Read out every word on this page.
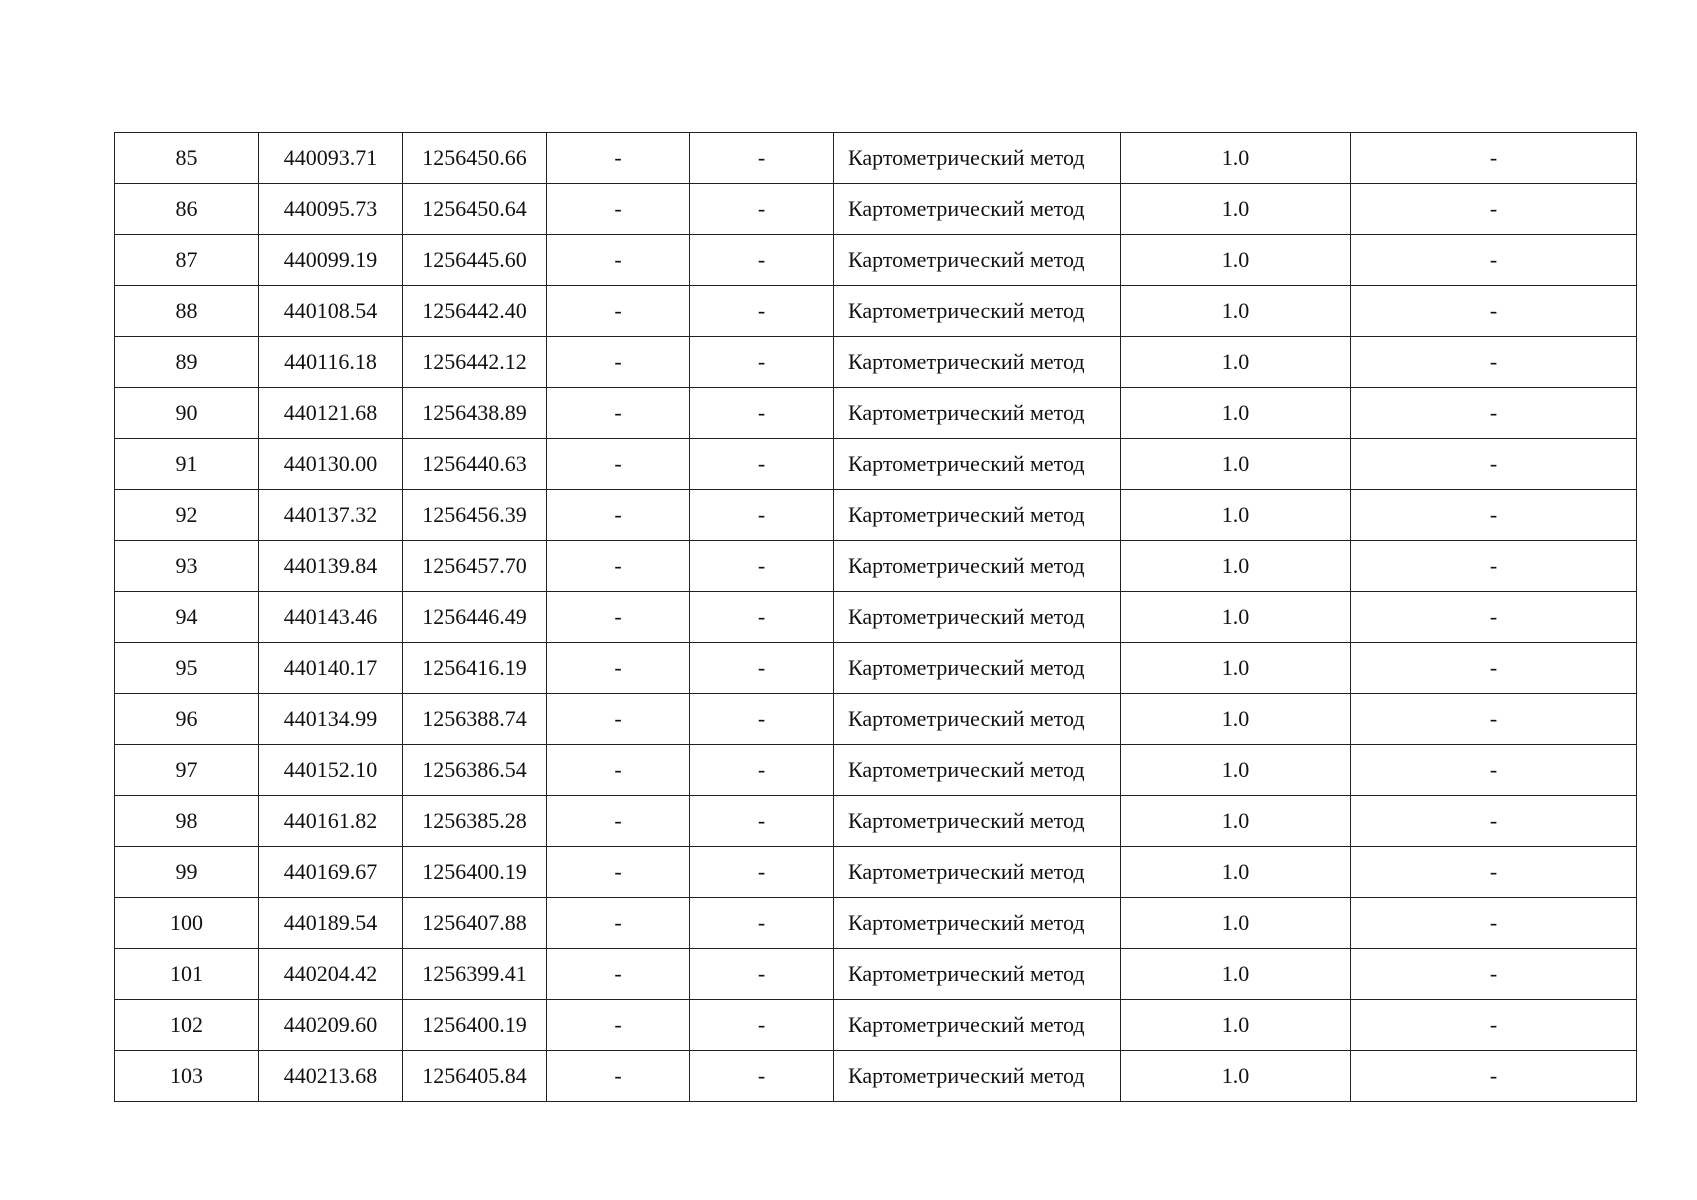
85	440093.71	1256450.66	-	-	Картометрический метод	1.0	-
86	440095.73	1256450.64	-	-	Картометрический метод	1.0	-
87	440099.19	1256445.60	-	-	Картометрический метод	1.0	-
88	440108.54	1256442.40	-	-	Картометрический метод	1.0	-
89	440116.18	1256442.12	-	-	Картометрический метод	1.0	-
90	440121.68	1256438.89	-	-	Картометрический метод	1.0	-
91	440130.00	1256440.63	-	-	Картометрический метод	1.0	-
92	440137.32	1256456.39	-	-	Картометрический метод	1.0	-
93	440139.84	1256457.70	-	-	Картометрический метод	1.0	-
94	440143.46	1256446.49	-	-	Картометрический метод	1.0	-
95	440140.17	1256416.19	-	-	Картометрический метод	1.0	-
96	440134.99	1256388.74	-	-	Картометрический метод	1.0	-
97	440152.10	1256386.54	-	-	Картометрический метод	1.0	-
98	440161.82	1256385.28	-	-	Картометрический метод	1.0	-
99	440169.67	1256400.19	-	-	Картометрический метод	1.0	-
100	440189.54	1256407.88	-	-	Картометрический метод	1.0	-
101	440204.42	1256399.41	-	-	Картометрический метод	1.0	-
102	440209.60	1256400.19	-	-	Картометрический метод	1.0	-
103	440213.68	1256405.84	-	-	Картометрический метод	1.0	-
